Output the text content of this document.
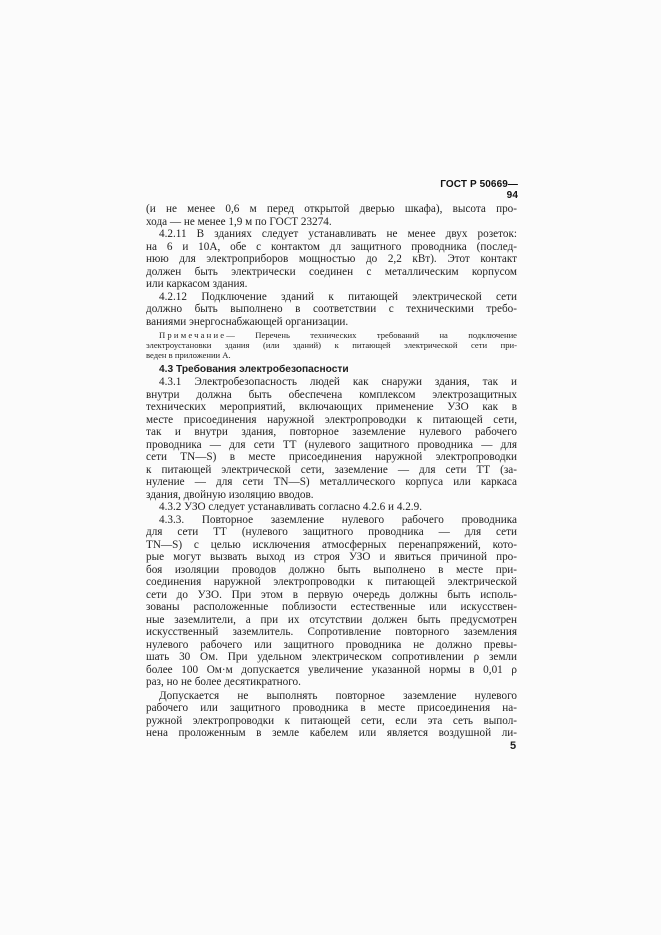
ГОСТ Р 50669—94
(и не менее 0,6 м перед открытой дверью шкафа), высота про-
хода — не менее 1,9 м по ГОСТ 23274.
4.2.11 В зданиях следует устанавливать не менее двух розеток:
на 6 и 10А, обе с контактом дл защитного проводника (послед-
нюю для электроприборов мощностью до 2,2 кВт). Этот контакт
должен быть электрически соединен с металлическим корпусом
или каркасом здания.
4.2.12 Подключение зданий к питающей электрической сети
должно быть выполнено в соответствии с техническими требо-
ваниями энергоснабжающей организации.
Примечание— Перечень технических требований на подключение
электроустановки здания (или зданий) к питающей электрической сети при-
веден в приложении А.
4.3 Требования электробезопасности
4.3.1 Электробезопасность людей как снаружи здания, так и
внутри должна быть обеспечена комплексом электрозащитных
технических мероприятий, включающих применение УЗО как в
месте присоединения наружной электропроводки к питающей сети,
так и внутри здания, повторное заземление нулевого рабочего
проводника — для сети ТТ (нулевого защитного проводника — для
сети TN—S) в месте присоединения наружной электропроводки
к питающей электрической сети, заземление — для сети ТТ (за-
нуление — для сети TN—S) металлического корпуса или каркаса
здания, двойную изоляцию вводов.
4.3.2 УЗО следует устанавливать согласно 4.2.6 и 4.2.9.
4.3.3. Повторное заземление нулевого рабочего проводника
для сети ТТ (нулевого защитного проводника — для сети
TN—S) с целью исключения атмосферных перенапряжений, кото-
рые могут вызвать выход из строя УЗО и явиться причиной про-
боя изоляции проводов должно быть выполнено в месте при-
соединения наружной электропроводки к питающей электрической
сети до УЗО. При этом в первую очередь должны быть исполь-
зованы расположенные поблизости естественные или искусствен-
ные заземлители, а при их отсутствии должен быть предусмотрен
искусственный заземлитель. Сопротивление повторного заземления
нулевого рабочего или защитного проводника не должно превы-
шать 30 Ом. При удельном электрическом сопротивлении ρ земли
более 100 Ом·м допускается увеличение указанной нормы в 0,01 ρ
раз, но не более десятикратного.
Допускается не выполнять повторное заземление нулевого
рабочего или защитного проводника в месте присоединения на-
ружной электропроводки к питающей сети, если эта сеть выпол-
нена проложенным в земле кабелем или является воздушной ли-
5
